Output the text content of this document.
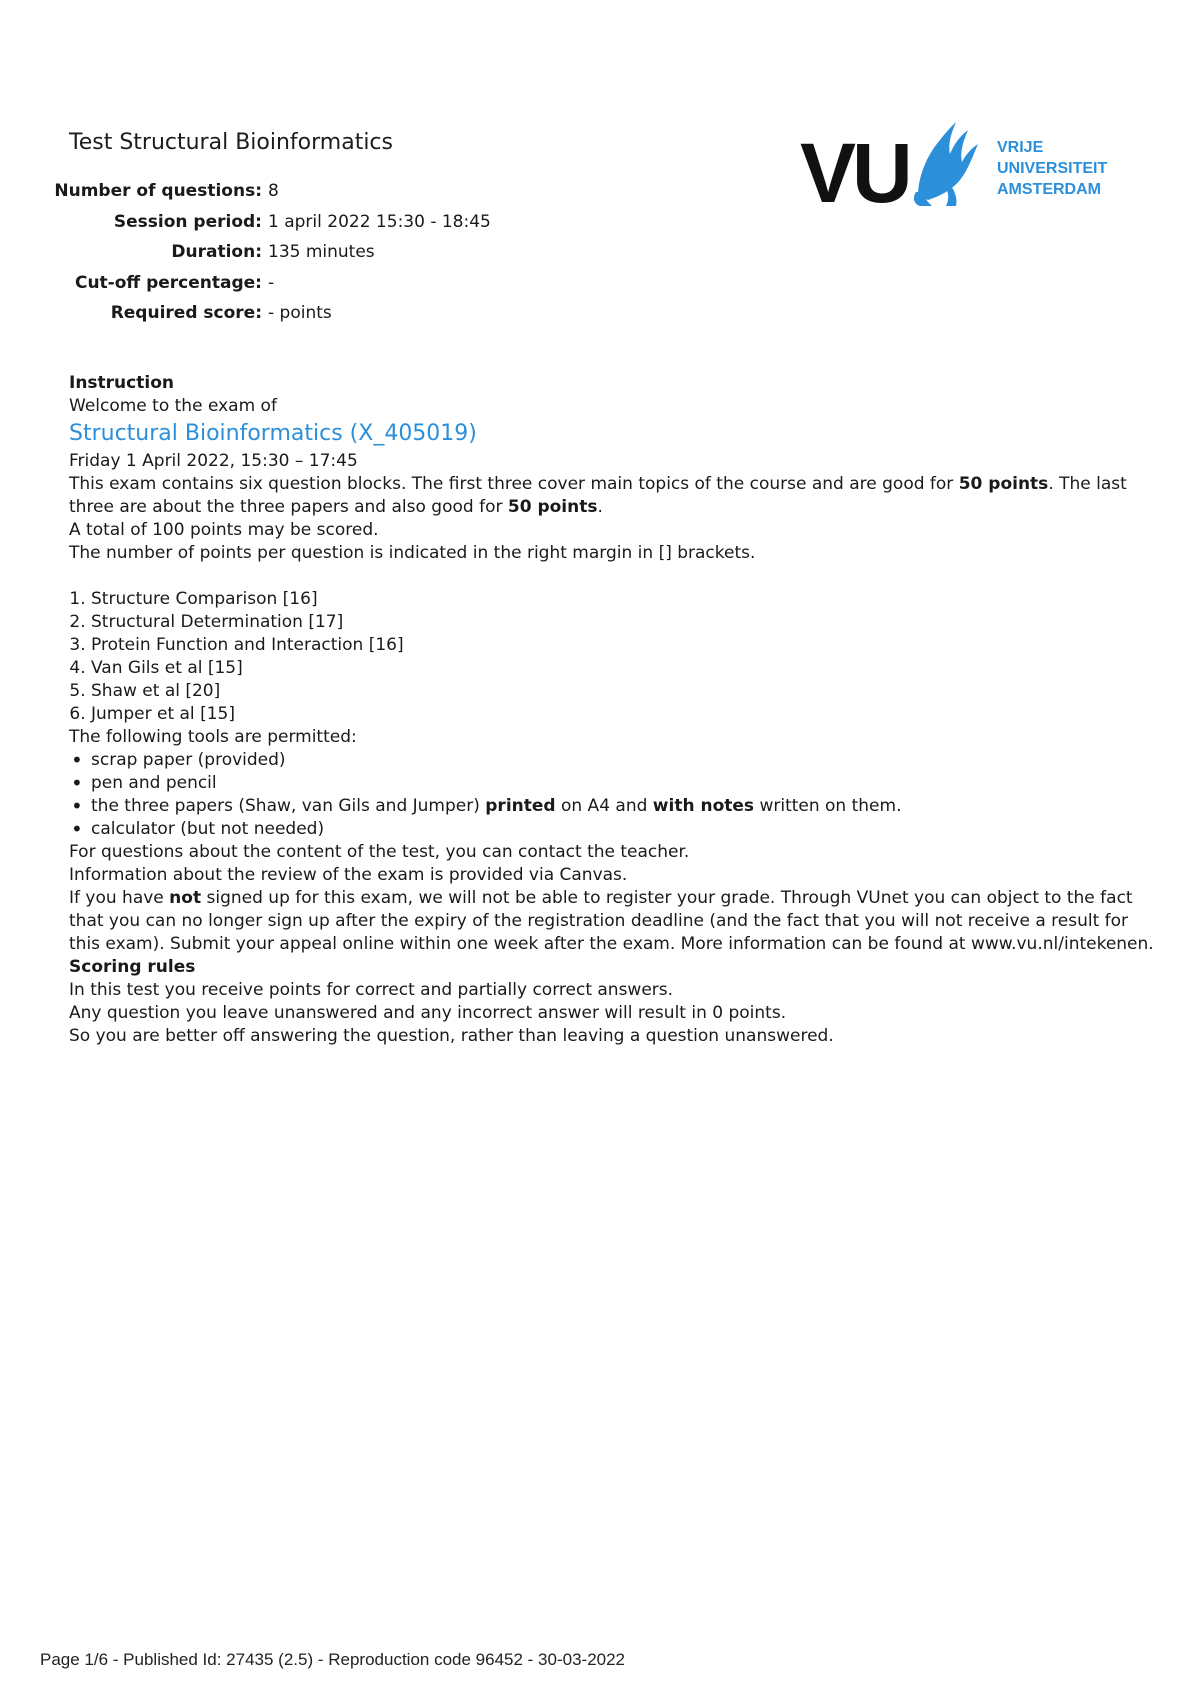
Test Structural Bioinformatics
Number of questions: 8
Session period: 1 april 2022 15:30 - 18:45
Duration: 135 minutes
Cut-off percentage: -
Required score: - points
VU	VRIJE
UNIVERSITEIT
AMSTERDAM

Instruction

Welcome to the exam of

Structural Bioinformatics (X_405019)

Friday 1 April 2022, 15:30 – 17:45

This exam contains six question blocks. The first three cover main topics of the course and are good for 50 points. The last three are about the three papers and also good for 50 points.

A total of 100 points may be scored.

The number of points per question is indicated in the right margin in [] brackets.

1. Structure Comparison [16]
2. Structural Determination [17]
3. Protein Function and Interaction [16]
4. Van Gils et al [15]
5. Shaw et al [20]
6. Jumper et al [15]

The following tools are permitted:

• scrap paper (provided)
• pen and pencil
• the three papers (Shaw, van Gils and Jumper) printed on A4 and with notes written on them.
• calculator (but not needed)

For questions about the content of the test, you can contact the teacher.

Information about the review of the exam is provided via Canvas.

If you have not signed up for this exam, we will not be able to register your grade. Through VUnet you can object to the fact that you can no longer sign up after the expiry of the registration deadline (and the fact that you will not receive a result for this exam). Submit your appeal online within one week after the exam. More information can be found at www.vu.nl/intekenen.

Scoring rules

In this test you receive points for correct and partially correct answers.

Any question you leave unanswered and any incorrect answer will result in 0 points.

So you are better off answering the question, rather than leaving a question unanswered.

Page 1/6 - Published Id: 27435 (2.5) - Reproduction code 96452 - 30-03-2022
